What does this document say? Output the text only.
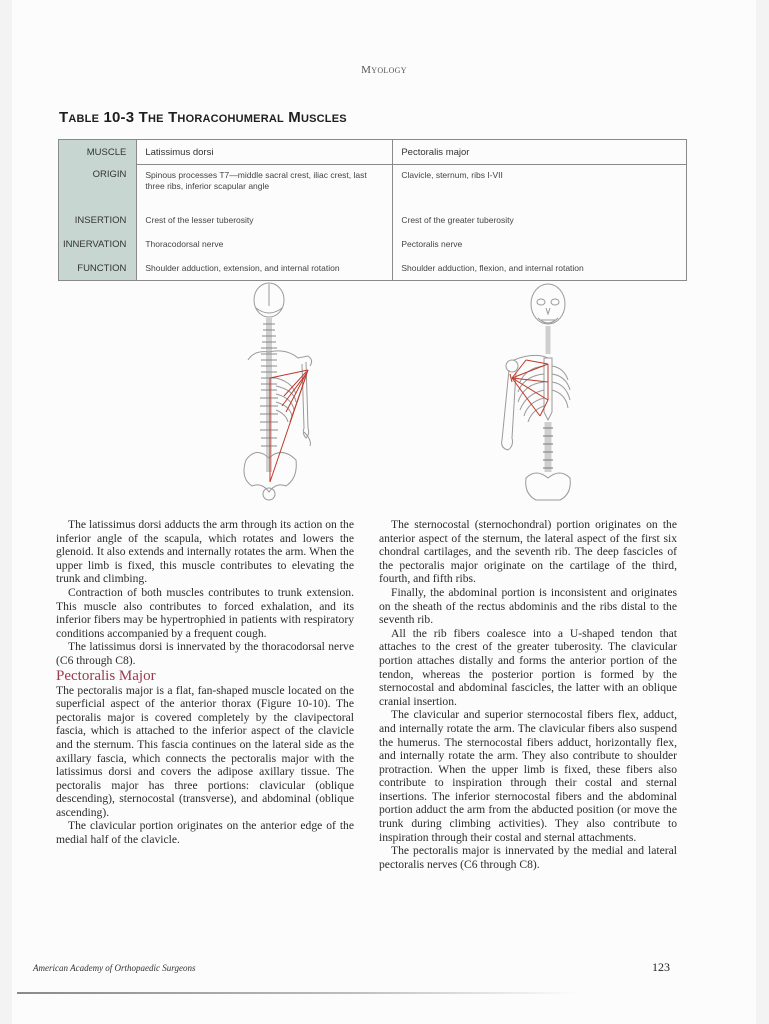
Myology
Table 10-3 The Thoracohumeral Muscles
MUSCLE	Latissimus dorsi	Pectoralis major
ORIGIN	Spinous processes T7—middle sacral crest, iliac crest, last three ribs, inferior scapular angle	Clavicle, sternum, ribs I-VII
INSERTION	Crest of the lesser tuberosity	Crest of the greater tuberosity
INNERVATION	Thoracodorsal nerve	Pectoralis nerve
FUNCTION	Shoulder adduction, extension, and internal rotation	Shoulder adduction, flexion, and internal rotation

The latissimus dorsi adducts the arm through its action on the inferior angle of the scapula, which rotates and lowers the glenoid. It also extends and internally rotates the arm. When the upper limb is fixed, this muscle contributes to elevating the trunk and climbing.

Contraction of both muscles contributes to trunk extension. This muscle also contributes to forced exhalation, and its inferior fibers may be hypertrophied in patients with respiratory conditions accompanied by a frequent cough.

The latissimus dorsi is innervated by the thoracodorsal nerve (C6 through C8).

Pectoralis Major

The pectoralis major is a flat, fan-shaped muscle located on the superficial aspect of the anterior thorax (Figure 10-10). The pectoralis major is covered completely by the clavipectoral fascia, which is attached to the inferior aspect of the clavicle and the sternum. This fascia continues on the lateral side as the axillary fascia, which connects the pectoralis major with the latissimus dorsi and covers the adipose axillary tissue. The pectoralis major has three portions: clavicular (oblique descending), sternocostal (transverse), and abdominal (oblique ascending).

The clavicular portion originates on the anterior edge of the medial half of the clavicle.

The sternocostal (sternochondral) portion originates on the anterior aspect of the sternum, the lateral aspect of the first six chondral cartilages, and the seventh rib. The deep fascicles of the pectoralis major originate on the cartilage of the third, fourth, and fifth ribs.

Finally, the abdominal portion is inconsistent and originates on the sheath of the rectus abdominis and the ribs distal to the seventh rib.

All the rib fibers coalesce into a U-shaped tendon that attaches to the crest of the greater tuberosity. The clavicular portion attaches distally and forms the anterior portion of the tendon, whereas the posterior portion is formed by the sternocostal and abdominal fascicles, the latter with an oblique cranial insertion.

The clavicular and superior sternocostal fibers flex, adduct, and internally rotate the arm. The clavicular fibers also suspend the humerus. The sternocostal fibers adduct, horizontally flex, and internally rotate the arm. They also contribute to shoulder protraction. When the upper limb is fixed, these fibers also contribute to inspiration through their costal and sternal insertions. The inferior sternocostal fibers and the abdominal portion adduct the arm from the abducted position (or move the trunk during climbing activities). They also contribute to inspiration through their costal and sternal attachments.

The pectoralis major is innervated by the medial and lateral pectoralis nerves (C6 through C8).

American Academy of Orthopaedic Surgeons	123
